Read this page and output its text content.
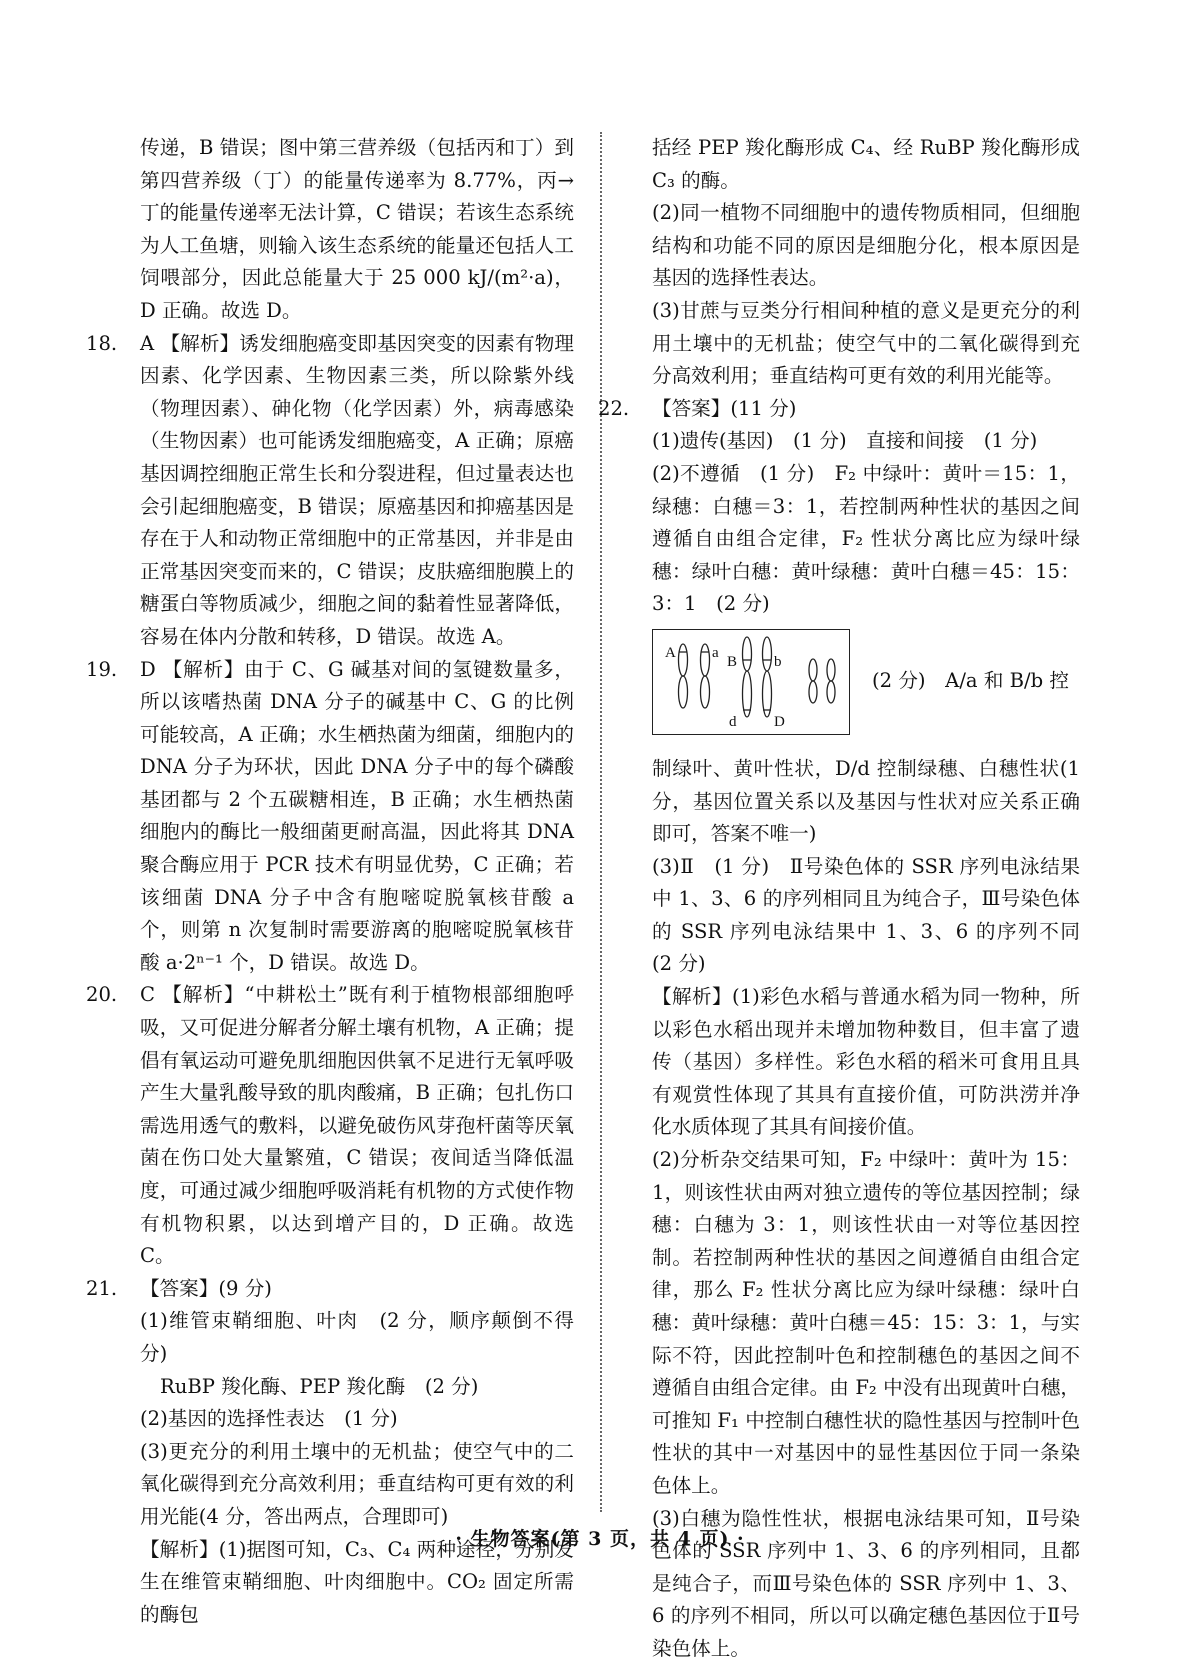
传递，B 错误；图中第三营养级（包括丙和丁）到第四营养级（丁）的能量传递率为 8.77%，丙→丁的能量传递率无法计算，C 错误；若该生态系统为人工鱼塘，则输入该生态系统的能量还包括人工饲喂部分，因此总能量大于 25 000 kJ/(m²·a)，D 正确。故选 D。

18. A 【解析】诱发细胞癌变即基因突变的因素有物理因素、化学因素、生物因素三类，所以除紫外线（物理因素）、砷化物（化学因素）外，病毒感染（生物因素）也可能诱发细胞癌变，A 正确；原癌基因调控细胞正常生长和分裂进程，但过量表达也会引起细胞癌变，B 错误；原癌基因和抑癌基因是存在于人和动物正常细胞中的正常基因，并非是由正常基因突变而来的，C 错误；皮肤癌细胞膜上的糖蛋白等物质减少，细胞之间的黏着性显著降低，容易在体内分散和转移，D 错误。故选 A。

19. D 【解析】由于 C、G 碱基对间的氢键数量多，所以该嗜热菌 DNA 分子的碱基中 C、G 的比例可能较高，A 正确；水生栖热菌为细菌，细胞内的 DNA 分子为环状，因此 DNA 分子中的每个磷酸基团都与 2 个五碳糖相连，B 正确；水生栖热菌细胞内的酶比一般细菌更耐高温，因此将其 DNA 聚合酶应用于 PCR 技术有明显优势，C 正确；若该细菌 DNA 分子中含有胞嘧啶脱氧核苷酸 a 个，则第 n 次复制时需要游离的胞嘧啶脱氧核苷酸 a·2ⁿ⁻¹ 个，D 错误。故选 D。

20. C 【解析】“中耕松土”既有利于植物根部细胞呼吸，又可促进分解者分解土壤有机物，A 正确；提倡有氧运动可避免肌细胞因供氧不足进行无氧呼吸产生大量乳酸导致的肌肉酸痛，B 正确；包扎伤口需选用透气的敷料，以避免破伤风芽孢杆菌等厌氧菌在伤口处大量繁殖，C 错误；夜间适当降低温度，可通过减少细胞呼吸消耗有机物的方式使作物有机物积累，以达到增产目的，D 正确。故选 C。

21. 【答案】(9 分)

(1)维管束鞘细胞、叶肉　(2 分，顺序颠倒不得分)

RuBP 羧化酶、PEP 羧化酶　(2 分)

(2)基因的选择性表达　(1 分)

(3)更充分的利用土壤中的无机盐；使空气中的二氧化碳得到充分高效利用；垂直结构可更有效的利用光能(4 分，答出两点，合理即可)

【解析】(1)据图可知，C₃、C₄ 两种途径，分别发生在维管束鞘细胞、叶肉细胞中。CO₂ 固定所需的酶包

括经 PEP 羧化酶形成 C₄、经 RuBP 羧化酶形成 C₃ 的酶。

(2)同一植物不同细胞中的遗传物质相同，但细胞结构和功能不同的原因是细胞分化，根本原因是基因的选择性表达。

(3)甘蔗与豆类分行相间种植的意义是更充分的利用土壤中的无机盐；使空气中的二氧化碳得到充分高效利用；垂直结构可更有效的利用光能等。

22. 【答案】(11 分)

(1)遗传(基因)　(1 分)　直接和间接　(1 分)

(2)不遵循　(1 分)　F₂ 中绿叶：黄叶＝15：1，绿穗：白穗＝3：1，若控制两种性状的基因之间遵循自由组合定律，F₂ 性状分离比应为绿叶绿穗：绿叶白穗：黄叶绿穗：黄叶白穗＝45：15：3：1　(2 分)

A a
B b
d	D
(2 分)　A/a 和 B/b 控

制绿叶、黄叶性状，D/d 控制绿穗、白穗性状(1 分，基因位置关系以及基因与性状对应关系正确即可，答案不唯一)

(3)Ⅱ　(1 分)　Ⅱ号染色体的 SSR 序列电泳结果中 1、3、6 的序列相同且为纯合子，Ⅲ号染色体的 SSR 序列电泳结果中 1、3、6 的序列不同　(2 分)

【解析】(1)彩色水稻与普通水稻为同一物种，所以彩色水稻出现并未增加物种数目，但丰富了遗传（基因）多样性。彩色水稻的稻米可食用且具有观赏性体现了其具有直接价值，可防洪涝并净化水质体现了其具有间接价值。

(2)分析杂交结果可知，F₂ 中绿叶：黄叶为 15：1，则该性状由两对独立遗传的等位基因控制；绿穗：白穗为 3：1，则该性状由一对等位基因控制。若控制两种性状的基因之间遵循自由组合定律，那么 F₂ 性状分离比应为绿叶绿穗：绿叶白穗：黄叶绿穗：黄叶白穗＝45：15：3：1，与实际不符，因此控制叶色和控制穗色的基因之间不遵循自由组合定律。由 F₂ 中没有出现黄叶白穗，可推知 F₁ 中控制白穗性状的隐性基因与控制叶色性状的其中一对基因中的显性基因位于同一条染色体上。

(3)白穗为隐性性状，根据电泳结果可知，Ⅱ号染色体的 SSR 序列中 1、3、6 的序列相同，且都是纯合子，而Ⅲ号染色体的 SSR 序列中 1、3、6 的序列不相同，所以可以确定穗色基因位于Ⅱ号染色体上。

· 生物答案(第 3 页，共 4 页) ·
